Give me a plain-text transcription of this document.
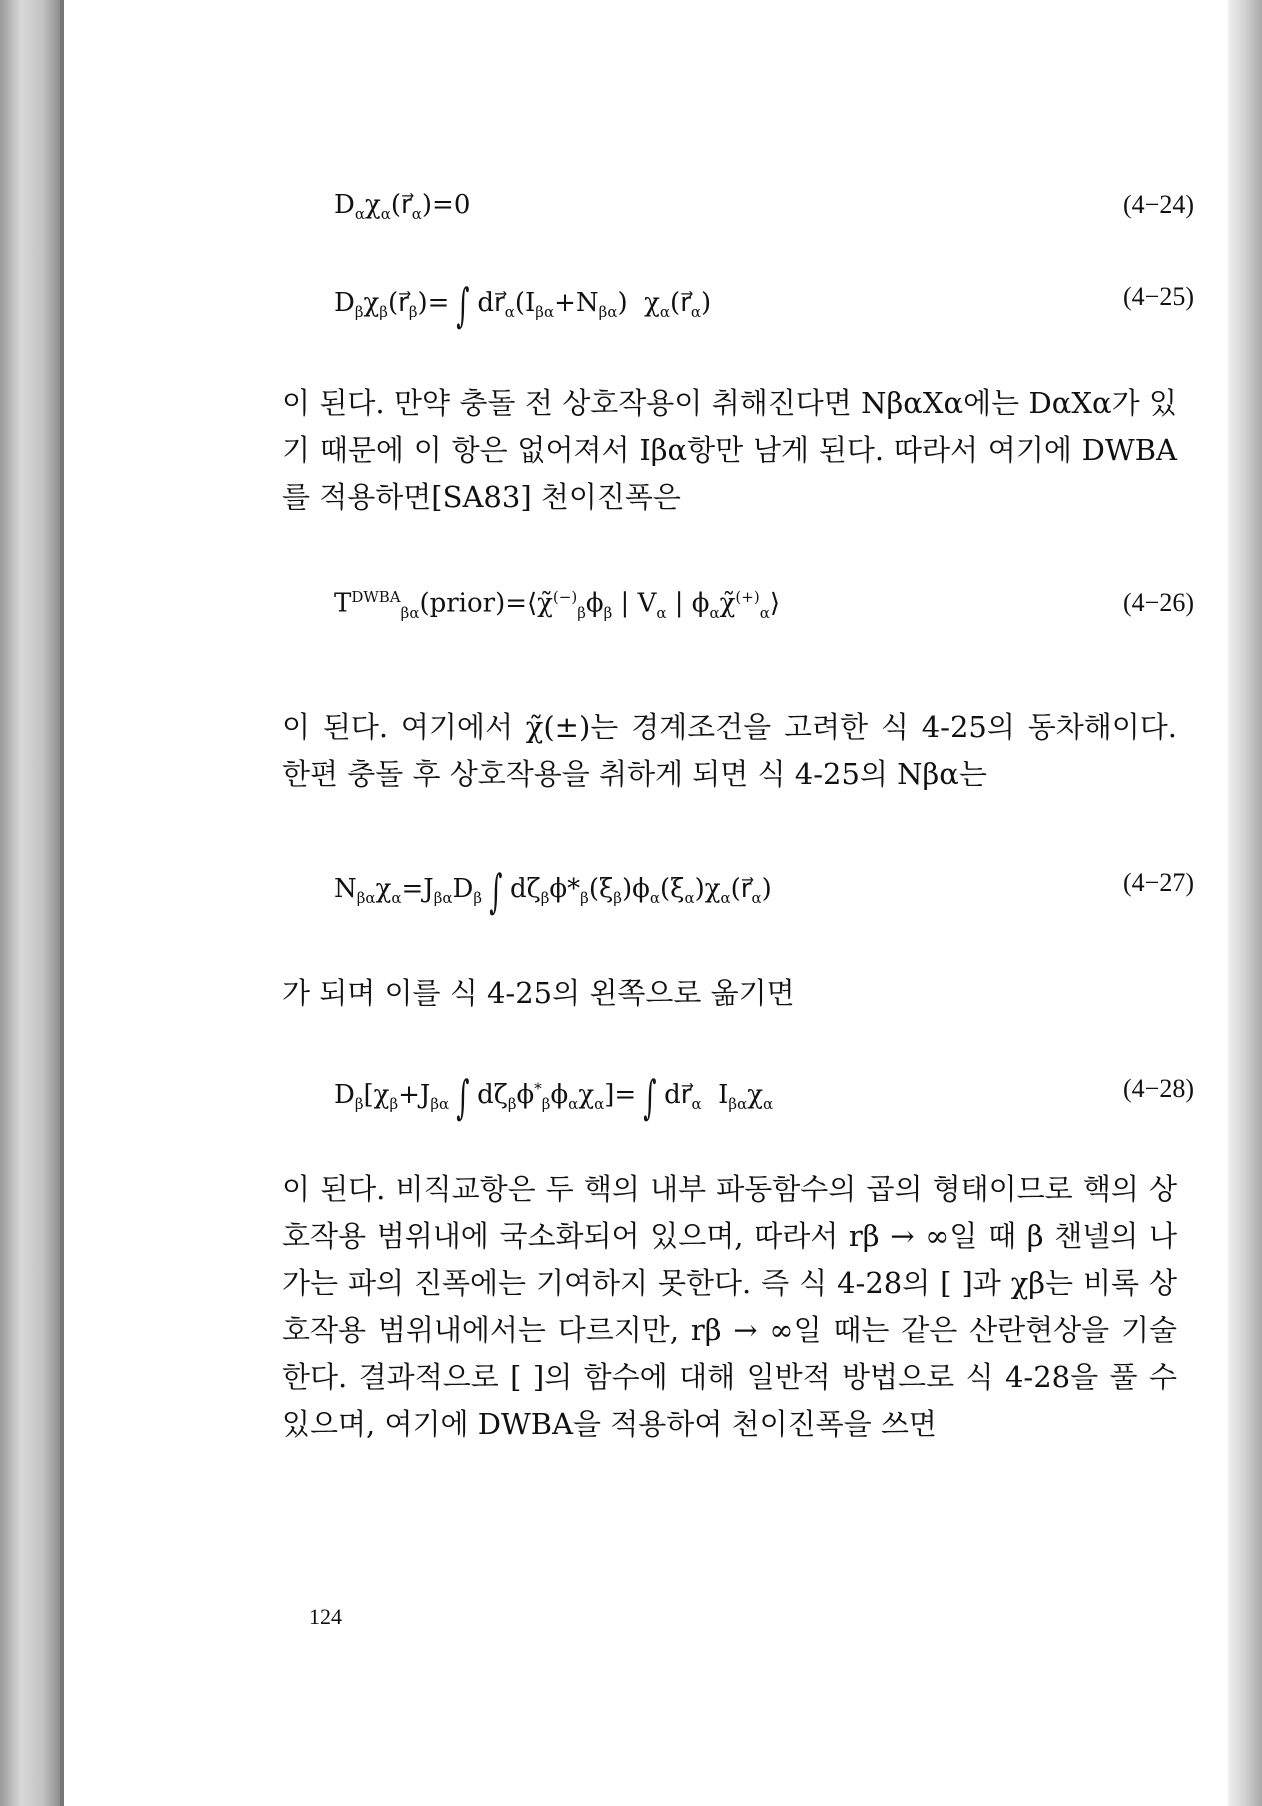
$D_\alpha\chi_\alpha(r⃗_\alpha)=0$	(4−24)
$D_\beta\chi_\beta(r⃗_\beta)=$ ∫ $dr⃗_\alpha(I_{\beta\alpha}+N_{\beta\alpha})$  $\chi_\alpha(r⃗_\alpha)$	(4−25)
이 된다. 만약 충돌 전 상호작용이 취해진다면 NβαXα에는 DαXα가 있기 때문에 이 항은 없어져서 Iβα항만 남게 된다. 따라서 여기에 DWBA를 적용하면[SA83] 천이진폭은
$T^{DWBA}_{\beta\alpha}(prior)=⟨\chĩ^{(-)}_\beta\phi_\beta$ | $V_\alpha$ | $\phi_\alpha\chĩ^{(+)}_\alpha⟩$	(4−26)
이 된다. 여기에서 χ̃(±)는 경계조건을 고려한 식 4-25의 동차해이다. 한편 충돌 후 상호작용을 취하게 되면 식 4-25의 Nβα는
$N_{\beta\alpha}\chi_\alpha=J_{\beta\alpha}D_\beta$ ∫ $d\zeta_\beta\phi*_\beta(\xi_\beta)\phi_\alpha(\xi_\alpha)\chi_\alpha(r⃗_\alpha)$	(4−27)
가 되며 이를 식 4-25의 왼쪽으로 옮기면
$D_\beta[\chi_\beta+J_{\beta\alpha}$ ∫ $d\zeta_\beta\phi^*_\beta\phi_\alpha\chi_\alpha]=$ ∫ $dr⃗_\alpha$  $I_{\beta\alpha}\chi_\alpha$
(4−28)
이 된다. 비직교항은 두 핵의 내부 파동함수의 곱의 형태이므로 핵의 상호작용 범위내에 국소화되어 있으며, 따라서 rβ → ∞일 때 β 챈넬의 나가는 파의 진폭에는 기여하지 못한다. 즉 식 4-28의 [ ]과 χβ는 비록 상호작용 범위내에서는 다르지만, rβ → ∞일 때는 같은 산란현상을 기술한다. 결과적으로 [ ]의 함수에 대해 일반적 방법으로 식 4-28을 풀 수 있으며, 여기에 DWBA을 적용하여 천이진폭을 쓰면
124
